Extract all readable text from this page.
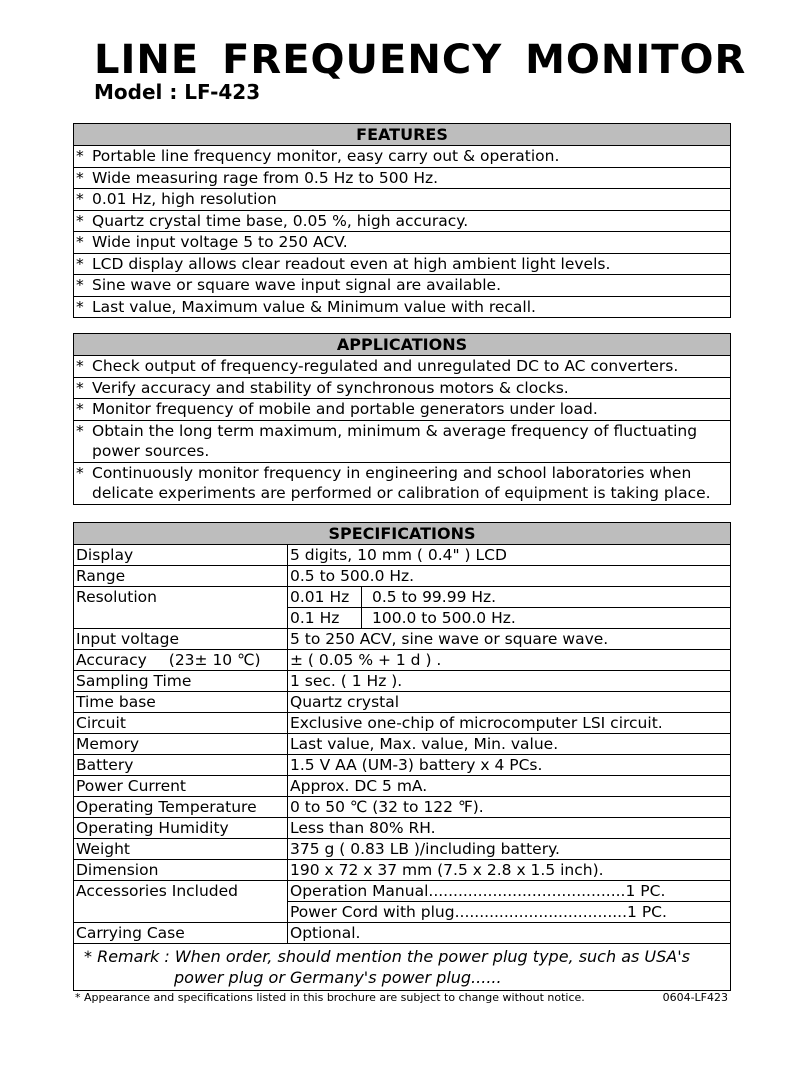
LINE FREQUENCY MONITOR
Model : LF-423
FEATURES
* Portable line frequency monitor, easy carry out & operation.
* Wide measuring rage from 0.5 Hz to 500 Hz.
* 0.01 Hz, high resolution
* Quartz crystal time base, 0.05 %, high accuracy.
* Wide input voltage 5 to 250 ACV.
* LCD display allows clear readout even at high ambient light levels.
* Sine wave or square wave input signal are available.
* Last value, Maximum value & Minimum value with recall.
APPLICATIONS
* Check output of frequency-regulated and unregulated DC to AC converters.
* Verify accuracy and stability of synchronous motors & clocks.
* Monitor frequency of mobile and portable generators under load.
* Obtain the long term maximum, minimum & average frequency of fluctuating
power sources.
* Continuously monitor frequency in engineering and school laboratories when
delicate experiments are performed or calibration of equipment is taking place.
SPECIFICATIONS
Display	5 digits, 10 mm ( 0.4" ) LCD
Range	0.5 to 500.0 Hz.
Resolution	0.01 Hz	0.5 to 99.99 Hz.
0.1 Hz	100.0 to 500.0 Hz.
Input voltage	5 to 250 ACV, sine wave or square wave.
Accuracy (23± 10 ℃)	± ( 0.05 % + 1 d ) .
Sampling Time	1 sec. ( 1 Hz ).
Time base	Quartz crystal
Circuit	Exclusive one-chip of microcomputer LSI circuit.
Memory	Last value, Max. value, Min. value.
Battery	1.5 V AA (UM-3) battery x 4 PCs.
Power Current	Approx. DC 5 mA.
Operating Temperature	0 to 50 ℃ (32 to 122 ℉).
Operating Humidity	Less than 80% RH.
Weight	375 g ( 0.83 LB )/including battery.
Dimension	190 x 72 x 37 mm (7.5 x 2.8 x 1.5 inch).
Accessories Included	Operation Manual ........................................ 1 PC.
Power Cord with plug ................................... 1 PC.
Carrying Case	Optional.
* Remark : When order, should mention the power plug type, such as USA's
power plug or Germany's power plug......
* Appearance and specifications listed in this brochure are subject to change without notice.	0604-LF423
